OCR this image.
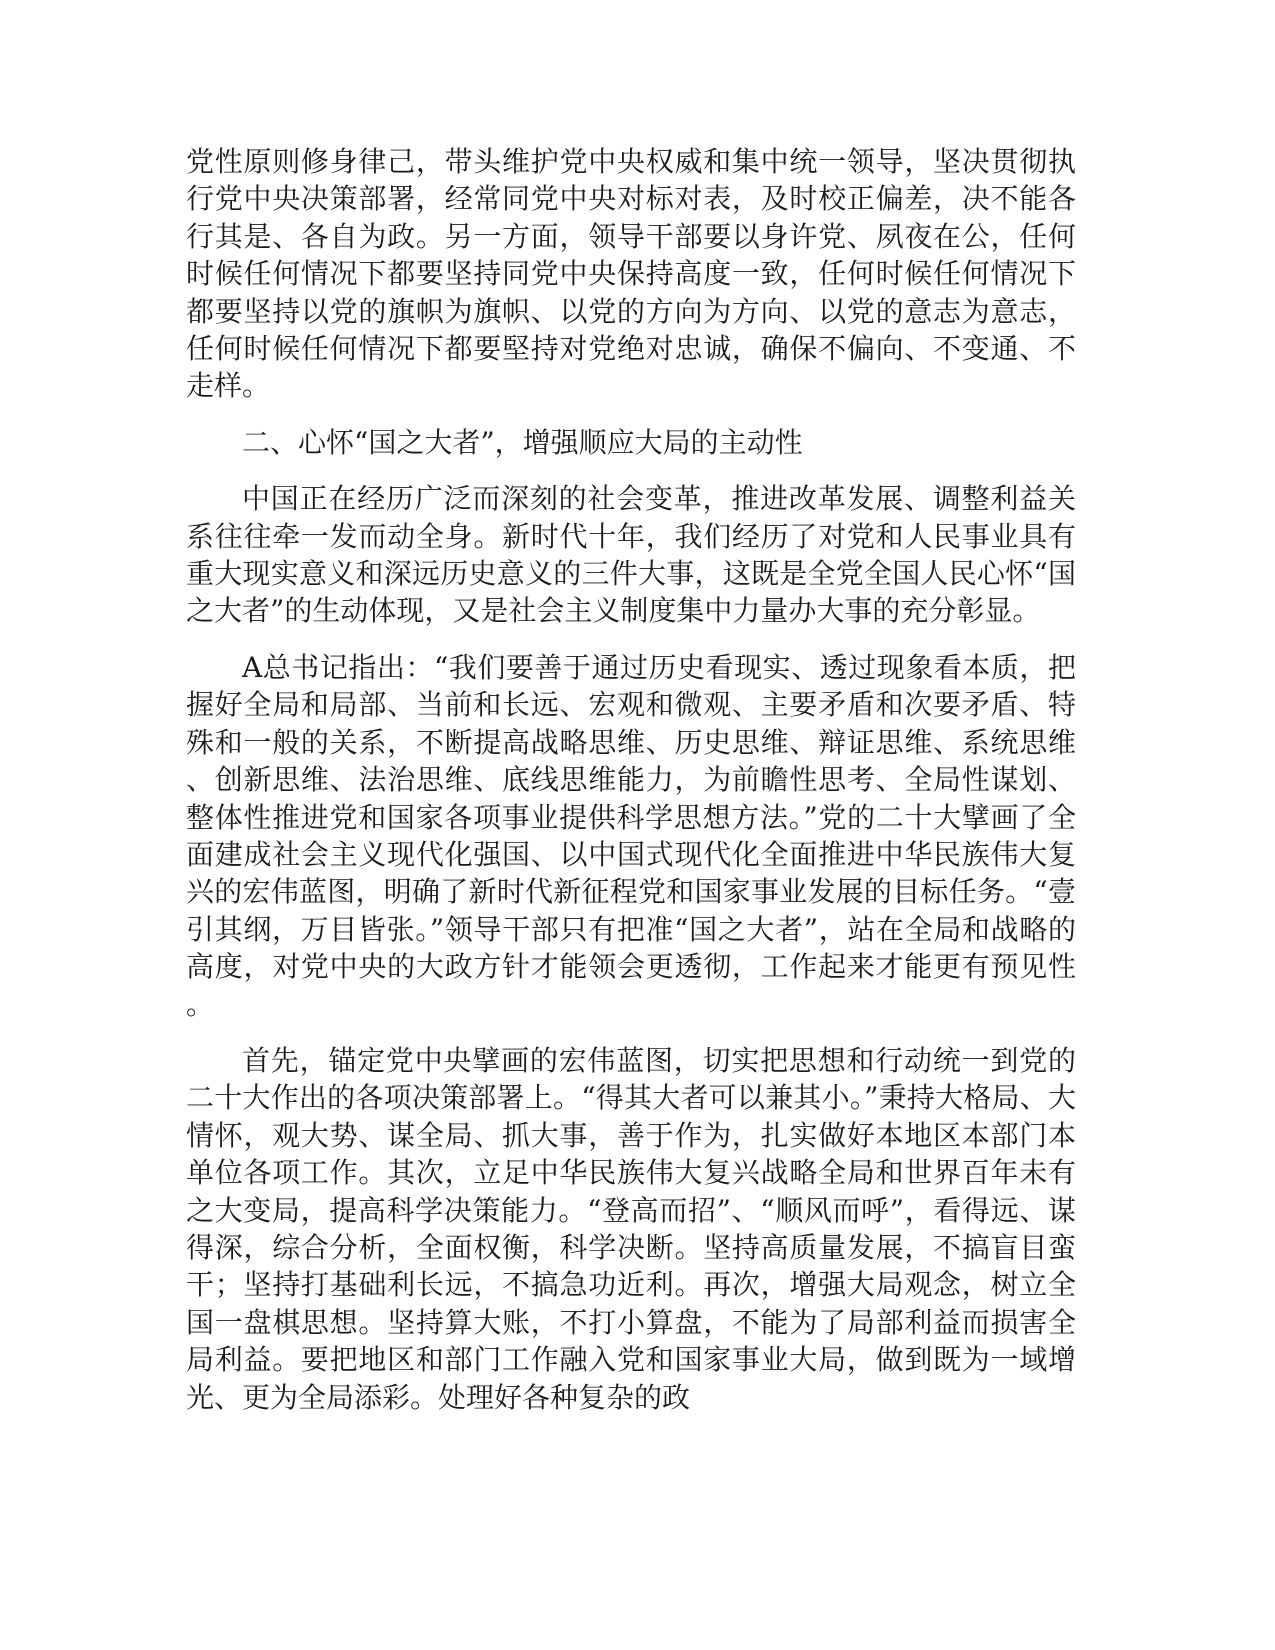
党性原则修身律己，带头维护党中央权威和集中统一领导，坚决贯彻执行党中央决策部署，经常同党中央对标对表，及时校正偏差，决不能各行其是、各自为政。另一方面，领导干部要以身许党、夙夜在公，任何时候任何情况下都要坚持同党中央保持高度一致，任何时候任何情况下都要坚持以党的旗帜为旗帜、以党的方向为方向、以党的意志为意志，任何时候任何情况下都要堅持对党绝对忠诚，确保不偏向、不变通、不走样。

二、心怀“国之大者”，增强顺应大局的主动性

中国正在经历广泛而深刻的社会变革，推进改革发展、调整利益关系往往牵一发而动全身。新时代十年，我们经历了对党和人民事业具有重大现实意义和深远历史意义的三件大事，这既是全党全国人民心怀“国之大者”的生动体现，又是社会主义制度集中力量办大事的充分彰显。

A总书记指出：“我们要善于通过历史看现实、透过现象看本质，把握好全局和局部、当前和长远、宏观和微观、主要矛盾和次要矛盾、特殊和一般的关系，不断提高战略思维、历史思维、辩证思维、系统思维、创新思维、法治思维、底线思维能力，为前瞻性思考、全局性谋划、整体性推进党和国家各项事业提供科学思想方法。”党的二十大擘画了全面建成社会主义现代化强国、以中国式现代化全面推进中华民族伟大复兴的宏伟蓝图，明确了新时代新征程党和国家事业发展的目标任务。“壹引其纲，万目皆张。”领导干部只有把准“国之大者”，站在全局和战略的高度，对党中央的大政方针才能领会更透彻，工作起来才能更有预见性。

首先，锚定党中央擘画的宏伟蓝图，切实把思想和行动统一到党的二十大作出的各项决策部署上。“得其大者可以兼其小。”秉持大格局、大情怀，观大势、谋全局、抓大事，善于作为，扎实做好本地区本部门本单位各项工作。其次，立足中华民族伟大复兴战略全局和世界百年未有之大变局，提高科学决策能力。“登高而招”、“顺风而呼”，看得远、谋得深，综合分析，全面权衡，科学决断。坚持高质量发展，不搞盲目蛮干；坚持打基础利长远，不搞急功近利。再次，增强大局观念，树立全国一盘棋思想。坚持算大账，不打小算盘，不能为了局部利益而损害全局利益。要把地区和部门工作融入党和国家事业大局，做到既为一域增光、更为全局添彩。处理好各种复杂的政
